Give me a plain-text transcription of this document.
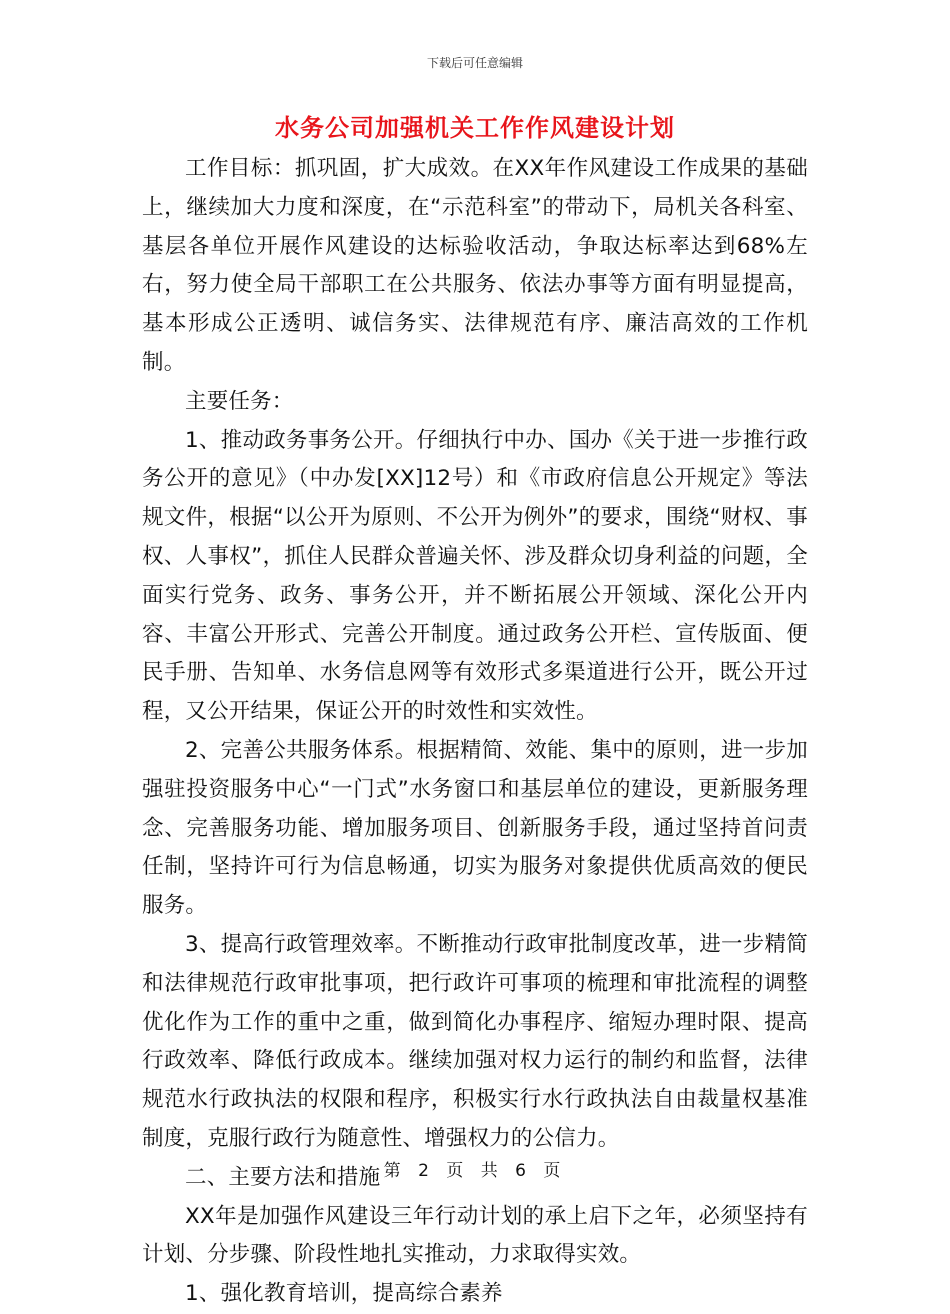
下载后可任意编辑
水务公司加强机关工作作风建设计划

工作目标：抓巩固，扩大成效。在XX年作风建设工作成果的基础上，继续加大力度和深度，在“示范科室”的带动下，局机关各科室、基层各单位开展作风建设的达标验收活动，争取达标率达到68%左右，努力使全局干部职工在公共服务、依法办事等方面有明显提高，基本形成公正透明、诚信务实、法律规范有序、廉洁高效的工作机制。

主要任务：

1、推动政务事务公开。仔细执行中办、国办《关于进一步推行政务公开的意见》（中办发[XX]12号）和《市政府信息公开规定》等法规文件，根据“以公开为原则、不公开为例外”的要求，围绕“财权、事权、人事权”，抓住人民群众普遍关怀、涉及群众切身利益的问题，全面实行党务、政务、事务公开，并不断拓展公开领域、深化公开内容、丰富公开形式、完善公开制度。通过政务公开栏、宣传版面、便民手册、告知单、水务信息网等有效形式多渠道进行公开，既公开过程，又公开结果，保证公开的时效性和实效性。

2、完善公共服务体系。根据精简、效能、集中的原则，进一步加强驻投资服务中心“一门式”水务窗口和基层单位的建设，更新服务理念、完善服务功能、增加服务项目、创新服务手段，通过坚持首问责任制，坚持许可行为信息畅通，切实为服务对象提供优质高效的便民服务。

3、提高行政管理效率。不断推动行政审批制度改革，进一步精简和法律规范行政审批事项，把行政许可事项的梳理和审批流程的调整优化作为工作的重中之重，做到简化办事程序、缩短办理时限、提高行政效率、降低行政成本。继续加强对权力运行的制约和监督，法律规范水行政执法的权限和程序，积极实行水行政执法自由裁量权基准制度，克服行政行为随意性、增强权力的公信力。

二、主要方法和措施

XX年是加强作风建设三年行动计划的承上启下之年，必须坚持有计划、分步骤、阶段性地扎实推动，力求取得实效。

1、强化教育培训，提高综合素养

第 2 页 共 6 页
